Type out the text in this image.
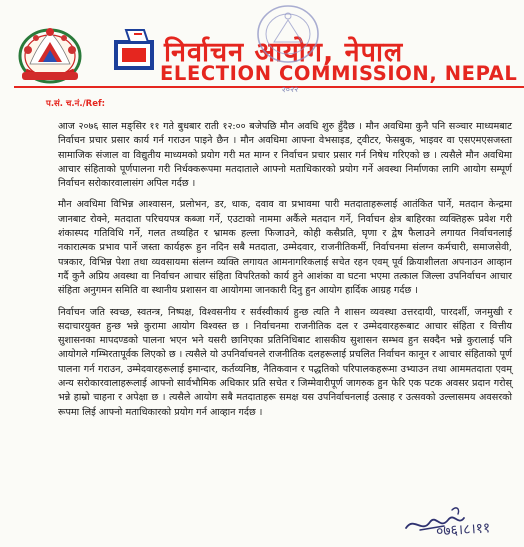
निर्वाचन आयोग, नेपाल
ELECTION COMMISSION, NEPAL
२०२२
प.सं. च.नं./Ref:

आज २०७६ साल मङ्सिर ११ गते बुधबार राती १२:०० बजेपछि मौन अवधि शुरु हुँदैछ । मौन अवधिमा कुनै पनि सञ्चार माध्यमबाट निर्वाचन प्रचार प्रसार कार्य गर्न गराउन पाइने छैन । मौन अवधिमा आफ्ना वेभसाइड, ट्वीटर, फेसबुक, भाइवर वा एसएमएसजस्ता सामाजिक संजाल वा विद्युतीय माध्यमको प्रयोग गरी मत माग्न र निर्वाचन प्रचार प्रसार गर्न निषेध गरिएको छ । त्यसैले मौन अवधिमा आचार संहिताको पूर्णपालना गरी निर्धक्करूपमा मतदाताले आफ्नो मताधिकारको प्रयोग गर्ने अवस्था निर्माणका लागि आयोग सम्पूर्ण निर्वाचन सरोकारवालासंग अपिल गर्दछ ।

मौन अवधिमा विभिन्न आश्वासन, प्रलोभन, डर, धाक, दवाव वा प्रभावमा पारी मतदाताहरूलाई आतंकित पार्ने, मतदान केन्द्रमा जानबाट रोक्ने, मतदाता परिचयपत्र कब्जा गर्ने, एउटाको नाममा अर्कैले मतदान गर्ने, निर्वाचन क्षेत्र बाहिरका व्यक्तिहरू प्रवेश गरी शंकास्पद गतिविधि गर्ने, गलत तथ्यहित र भ्रामक हल्ला फिजाउने, कोही कसैप्रति, घृणा र द्वेष फैलाउने लगायत निर्वाचनलाई नकारात्मक प्रभाव पार्ने जस्ता कार्यहरू हुन नदिन सबै मतदाता, उम्मेदवार, राजनीतिकर्मी, निर्वाचनमा संलग्न कर्मचारी, समाजसेवी, पत्रकार, विभिन्न पेशा तथा व्यवसायमा संलग्न व्यक्ति लगायत आमनागरिकलाई सचेत रहन एवम् पूर्व क्रियाशीलता अपनाउन आव्हान गर्दै कुनै अप्रिय अवस्था वा निर्वाचन आचार संहिता विपरितको कार्य हुने आशंका वा घटना भएमा तत्काल जिल्ला उपनिर्वाचन आचार संहिता अनुगमन समिति वा स्थानीय प्रशासन वा आयोगमा जानकारी दिनु हुन आयोग हार्दिक आग्रह गर्दछ ।

निर्वाचन जति स्वच्छ, स्वतन्त्र, निष्पक्ष, विश्वसनीय र सर्वस्वीकार्य हुन्छ त्यति नै शासन व्यवस्था उत्तरदायी, पारदर्शी, जनमुखी र सदाचारयुक्त हुन्छ भन्ने कुरामा आयोग विश्वस्त छ । निर्वाचनमा राजनीतिक दल र उम्मेदवारहरूबाट आचार संहिता र वित्तीय सुशासनका मापदण्डको पालना भएन भने यसरी छानिएका प्रतिनिधिबाट शासकीय सुशासन सम्भव हुन सक्दैन भन्ने कुरालाई पनि आयोगले गम्भिरतापूर्वक लिएको छ । त्यसैले यो उपनिर्वाचनले राजनीतिक दलहरूलाई प्रचलित निर्वाचन कानून र आचार संहिताको पूर्ण पालना गर्न गराउन, उम्मेदवारहरूलाई इमान्दार, कर्तव्यनिष्ठ, नैतिकवान र पद्धतिको परिपालकहरूमा उभ्याउन तथा आममतदाता एवम् अन्य सरोकारवालाहरूलाई आफ्नो सार्वभौमिक अधिकार प्रति सचेत र जिम्मेवारीपूर्ण जागरुक हुन फेरि एक पटक अवसर प्रदान गरोस् भन्ने हाम्रो चाहना र अपेक्षा छ । त्यसैले आयोग सबै मतदाताहरू समक्ष यस उपनिर्वाचनलाई उत्साह र उत्सवको उल्लासमय अवसरको रूपमा लिई आफ्नो मताधिकारको प्रयोग गर्न आव्हान गर्दछ ।

०७६।८।११
